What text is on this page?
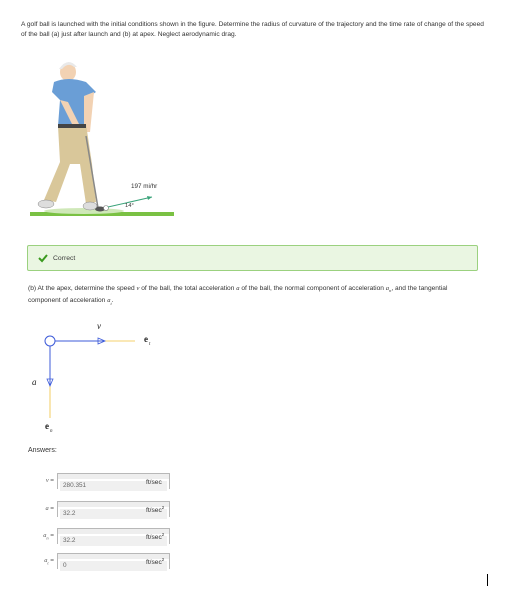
A golf ball is launched with the initial conditions shown in the figure. Determine the radius of curvature of the trajectory and the time rate of change of the speed of the ball (a) just after launch and (b) at apex. Neglect aerodynamic drag.
197 mi/hr
14°
Correct
(b) At the apex, determine the speed v of the ball, the total acceleration a of the ball, the normal component of acceleration $a_n$, and the tangential component of acceleration $a_t$.
v
e
t
a
e
n
Answers:
v =
280.351	ft/sec
a =
32.2	$ft/\sec^2$
$a_n$ =
32.2	$ft/\sec^2$
$a_t$ =
0	$ft/\sec^2$
